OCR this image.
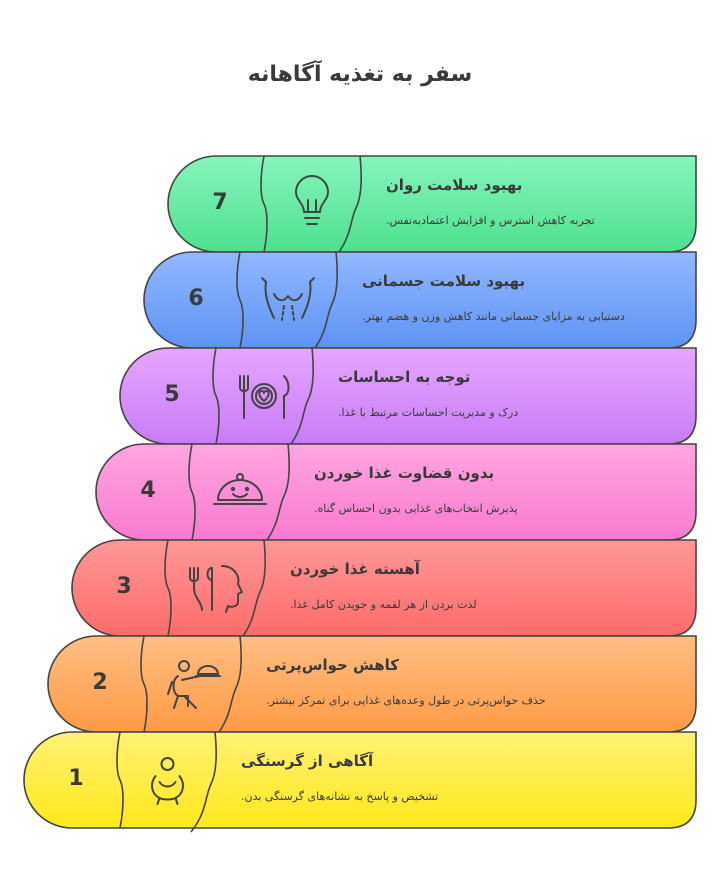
سفر به تغذیه آگاهانه
7
بهبود سلامت روان
تجربه کاهش استرس و افزایش اعتمادبه‌نفس.
6
بهبود سلامت جسمانی
دستیابی به مزایای جسمانی مانند کاهش وزن و هضم بهتر.
5
توجه به احساسات
درک و مدیریت احساسات مرتبط با غذا.
4
بدون قضاوت غذا خوردن
پذیرش انتخاب‌های غذایی بدون احساس گناه.
3
آهسته غذا خوردن
لذت بردن از هر لقمه و جویدن کامل غذا.
2
کاهش حواس‌پرتی
حذف حواس‌پرتی در طول وعده‌های غذایی برای تمرکز بیشتر.
1
آگاهی از گرسنگی
تشخیص و پاسخ به نشانه‌های گرسنگی بدن.
